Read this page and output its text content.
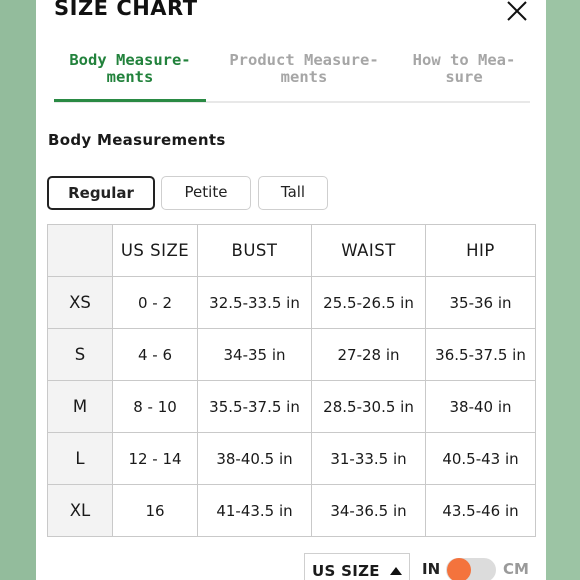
SIZE CHART
Body Measure-
ments
Product Measure-
ments
How to Mea-
sure
Body Measurements
Regular	Petite	Tall
	US SIZE	BUST	WAIST	HIP
XS	0 - 2	32.5-33.5 in	25.5-26.5 in	35-36 in
S	4 - 6	34-35 in	27-28 in	36.5-37.5 in
M	8 - 10	35.5-37.5 in	28.5-30.5 in	38-40 in
L	12 - 14	38-40.5 in	31-33.5 in	40.5-43 in
XL	16	41-43.5 in	34-36.5 in	43.5-46 in
US SIZE	IN	CM
